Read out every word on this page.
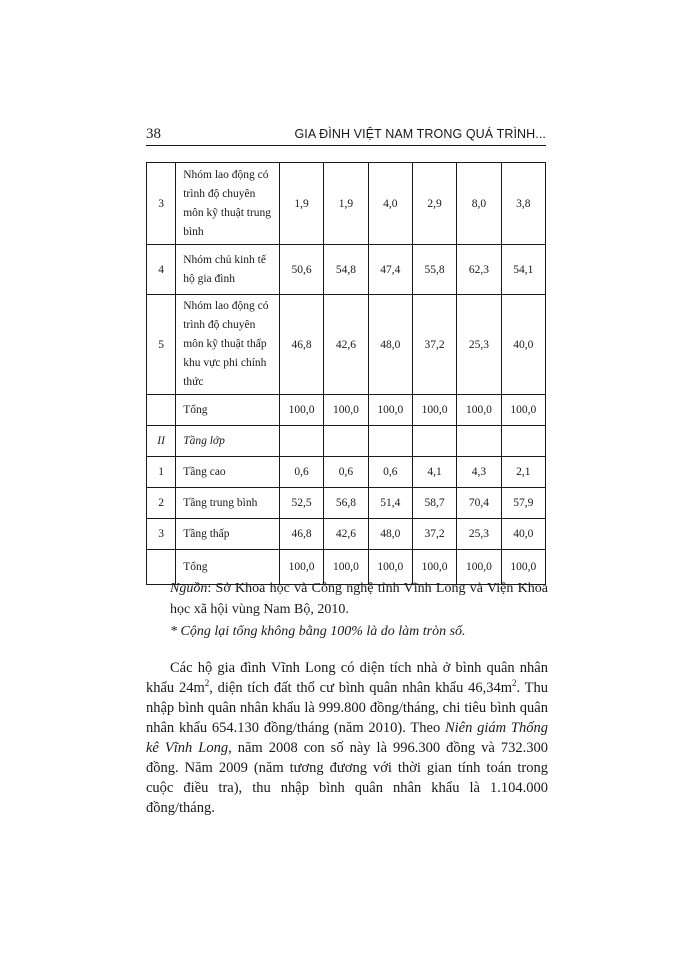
38	GIA ĐÌNH VIỆT NAM TRONG QUÁ TRÌNH...
3	Nhóm lao động có trình độ chuyên môn kỹ thuật trung bình	1,9	1,9	4,0	2,9	8,0	3,8
4	Nhóm chủ kinh tế hộ gia đình	50,6	54,8	47,4	55,8	62,3	54,1
5	Nhóm lao động có trình độ chuyên môn kỹ thuật thấp khu vực phi chính thức	46,8	42,6	48,0	37,2	25,3	40,0
	Tổng	100,0	100,0	100,0	100,0	100,0	100,0
II	Tầng lớp						
1	Tầng cao	0,6	0,6	0,6	4,1	4,3	2,1
2	Tầng trung bình	52,5	56,8	51,4	58,7	70,4	57,9
3	Tầng thấp	46,8	42,6	48,0	37,2	25,3	40,0
	Tổng	100,0	100,0	100,0	100,0	100,0	100,0
Nguồn: Sở Khoa học và Công nghệ tỉnh Vĩnh Long và Viện Khoa học xã hội vùng Nam Bộ, 2010.
* Cộng lại tổng không bằng 100% là do làm tròn số.

Các hộ gia đình Vĩnh Long có diện tích nhà ở bình quân nhân khẩu $24m^2$, diện tích đất thổ cư bình quân nhân khẩu $46,34m^2$. Thu nhập bình quân nhân khẩu là 999.800 đồng/tháng, chi tiêu bình quân nhân khẩu 654.130 đồng/tháng (năm 2010). Theo Niên giám Thống kê Vĩnh Long, năm 2008 con số này là 996.300 đồng và 732.300 đồng. Năm 2009 (năm tương đương với thời gian tính toán trong cuộc điều tra), thu nhập bình quân nhân khẩu là 1.104.000 đồng/tháng.
